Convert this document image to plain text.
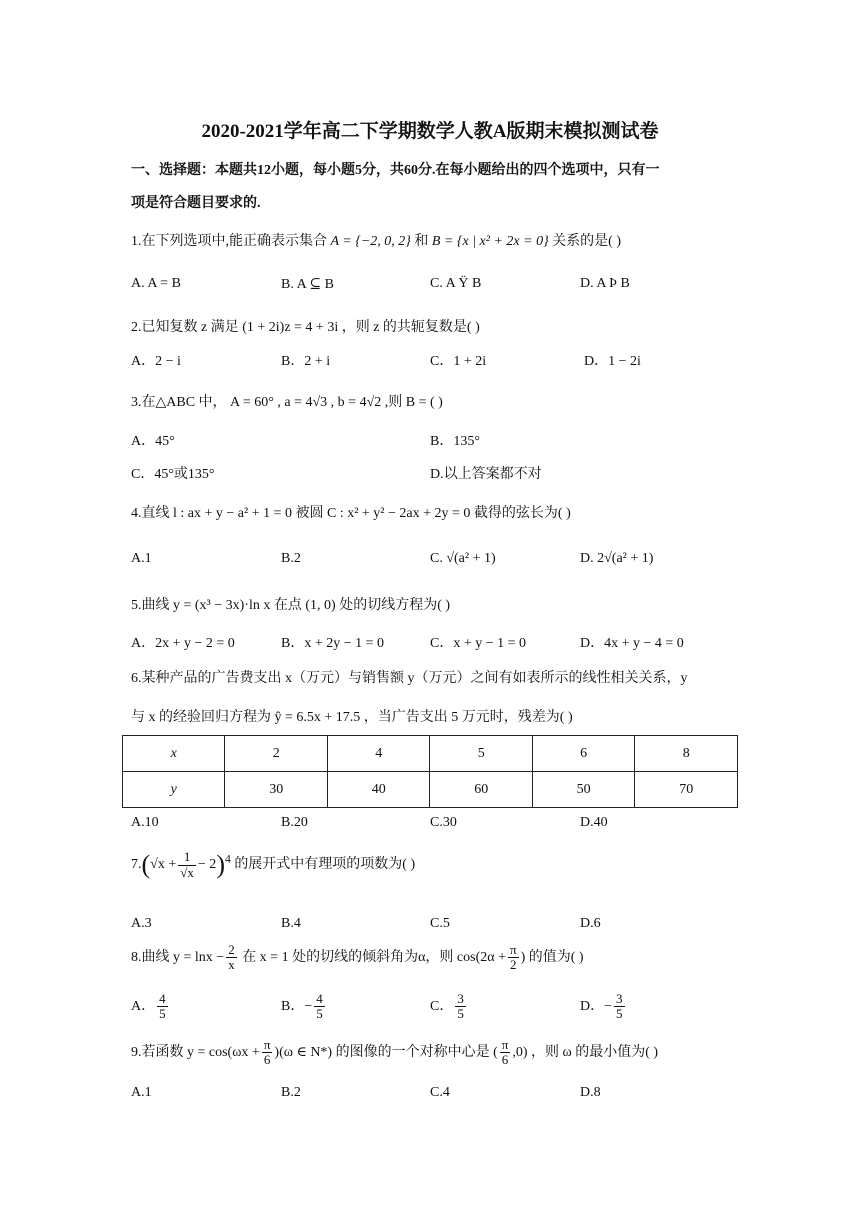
2020-2021学年高二下学期数学人教A版期末模拟测试卷
一、选择题：本题共12小题，每小题5分，共60分.在每小题给出的四个选项中，只有一
项是符合题目要求的.
1.在下列选项中,能正确表示集合 A = {−2, 0, 2} 和 B = {x | x² + 2x = 0} 关系的是( )
A. A = B	B. A ⊆ B	C. A Ÿ B	D. A Þ B
2.已知复数 z 满足 (1 + 2i)z = 4 + 3i ，则 z 的共轭复数是( )
A．2 − i	B．2 + i	C．1 + 2i	D．1 − 2i
3.在△ABC 中， A = 60° , a = 4√3 , b = 4√2 ,则 B = ( )
A．45°	B．135°
C．45°或135°	D.以上答案都不对
4.直线 l : ax + y − a² + 1 = 0 被圆 C : x² + y² − 2ax + 2y = 0 截得的弦长为( )
A.1	B.2	C. √(a² + 1)	D. 2√(a² + 1)
5.曲线 y = (x³ − 3x)·ln x 在点 (1, 0) 处的切线方程为( )
A．2x + y − 2 = 0	B．x + 2y − 1 = 0	C．x + y − 1 = 0	D．4x + y − 4 = 0
6.某种产品的广告费支出 x（万元）与销售额 y（万元）之间有如表所示的线性相关关系，y
与 x 的经验回归方程为 ŷ = 6.5x + 17.5 ，当广告支出 5 万元时，残差为( )
x	2	4	5	6	8
y	30	40	60	50	70
A.10	B.20	C.30	D.40
$7.(√x + \frac{1}{√x} - 2)^4$ 的展开式中有理项的项数为( )
A.3	B.4	C.5	D.6
8.曲线 $y = \ln x - \frac{2}{x}$ 在 x = 1 处的切线的倾斜角为α，则 $\cos(2\alpha + \frac{\pi}{2}$ ) 的值为( )
A． $\frac{4}{5}$	B．− $\frac{4}{5}$	C． $\frac{3}{5}$	D．− $\frac{3}{5}$
9.若函数 $y = \cos(\omega x + \frac{\pi}{6} )(\omega$ ∈ N*) 的图像的一个对称中心是 ( $\frac{\pi}{6} ,0$) ，则 ω 的最小值为( )
A.1	B.2	C.4	D.8
